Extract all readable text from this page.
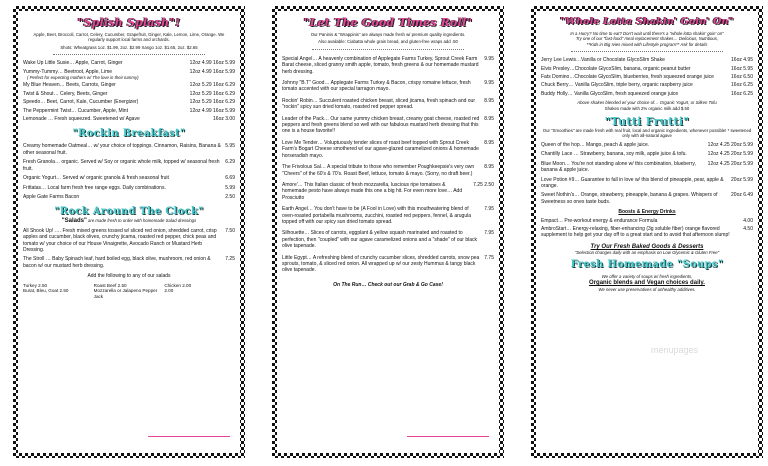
"Splish Splash"!
Apple, Beet, Broccoli, Carrot, Celery, Cucumber, Grapefruit, Ginger, Kale, Lemon, Lime, Orange. We regularly support local farms and orchards.
Shots: Wheatgrass 1oz. $1.99, 2oz. $2.99 Xango 1oz. $1.65, 2oz. $2.65
Wake Up Little Susie… Apple, Carrot, Ginger	12oz 4.99 16oz 5.99
Yummy-Tummy… Beetroot, Apple, Lime	12oz 4.99 16oz 5.99
( Perfect for expecting mothers w/ The love in their tummy)
My Blue Heaven… Beets, Carrots, Ginger	12oz 5.29 16oz 6.29
Twist & Shout… Celery, Beets, Ginger	12oz 5.29 16oz 6.29
Speedo… Beet, Carrot, Kale, Cucumber (Energizer)	12oz 5.29 16oz 6.29
The Peppermint Twist… Cucumber, Apple, Mint	12oz 4.99 16oz 5.99
Lemonade … Fresh squeezed. Sweetened w/ Agave	16oz 3.00
"Rockin Breakfast"
Creamy homemade Oatmeal… w/ your choice of toppings. Cinnamon, Raisins, Banana & other seasonal fruit.
5.95
Fresh Granola… organic. Served w/ Soy or organic whole milk, topped w/ seasonal fresh fruit.
6.29
Organic Yogurt… Served w/ organic granola & fresh seasonal fruit	6.69
Frittatas… Local farm fresh free range eggs. Daily combinations.	5.99
Apple Gate Farms Bacon	2.50
"Rock Around The Clock"
"Salads" are made fresh to order with homemade Salad dressings
All Shook Up! …. Fresh mixed greens tossed w/ sliced red onion, shredded carrot, crisp apples and cucumber, black olives, crunchy jicama, roasted red pepper, chick peas and tomato w/ your choice of our House Vinaigrette, Avocado Ranch or Mustard Herb Dressing.
7.50
The Stroll … Baby Spinach leaf, hard boiled egg, black olive, mushroom, red onion & bacon w/ our mustard herb dressing.
7.25
Add the following to any of our salads
Turkey 2.50	Roast Beef 2.50	Chicken 2.00
Burat, Bleu, Goat 2.50	Mozzarella or Jalapeno Pepper Jack
2.00
"Let The Good Times Roll"
Our Paninis & "Wrappinis" are always made fresh w/ premium quality ingredients.
Also available: Ciabatta whole grain bread, and gluten-free wraps add .50
Special Angel… A heavenly combination of Applegate Farms Turkey, Sprout Creek Farm Barat cheese, sliced granny smith apple, tomato, fresh greens & our homemade mustard herb dressing.
9.95
Johnny "B.T" Good… Applegate Farms Turkey & Bacon, crispy romaine lettuce, fresh tomato accented with our special tarragon mayo.
9.95
Rockin' Robin… Succulent roasted chicken breast, sliced jicama, fresh spinach and our "rockin" spicy sun dried tomato, roasted red pepper spread.
8.95
Leader of the Pack… Our same yummy chicken breast, creamy goat cheese, roasted red peppers and fresh greens blend so well with our fabulous mustard herb dressing that this one is a house favorite!!
8.95
Love Me Tender… Voluptuously tender slices of roast beef topped with Sprout Creek Farm's Bogart Cheese smothered w/ our agave-glazed caramelized onions & homemade horseradish mayo.
8.95
The Frivolous Sal… A special tribute to those who remember Poughkeepsie's very own "Cheers" of the 60's & 70's. Roast Beef, lettuce, tomato & mayo. (Sorry, no draft beer.)
8.95
Amore'… This Italian classic of fresh mozzarella, luscious ripe tomatoes & homemade pesto have always made this one a big hit. For even more love… Add Prosciutto
7.25 2.50
Earth Angel… You don't have to be (A Fool in Love) with this mouthwatering blend of oven-roasted portabella mushrooms, zucchini, roasted red peppers, fennel, & arugula topped off with our spicy sun dried tomato spread.
7.95
Silhouette… Slices of carrots, eggplant & yellow squash marinated and roasted to perfection, then "coupled" with our agave caramelized onions and a "shade" of our black olive tapenade.
7.95
Little Egypt… A refreshing blend of crunchy cucumber slices, shredded carrots, snow pea sprouts, tomato, & sliced red onion. All wrapped up w/ our zesty Hummus & tangy black olive tapenade.
7.75
On The Run… Check out our Grab & Go Case!
"Whole Lotta Shakin' Goin' On"
In a Hurry? No time to eat? Don't wait until there's a "whole lotta shakin' goin' on"
Try one of our "fast-food" meal replacement shakes… Delicious, Nutritious,
**Kids in Big Ivies mixed with Lifestyle program** Ask for details
Jerry Lee Lewis…Vanilla or Chocolate GlycoSlim Shake	16oz 4.95
Elvis Presley…Chocolate GlycoSlim, banana, organic peanut butter	16oz 5.95
Fats Domino…Chocolate GlycoSlim, blueberries, fresh squeezed orange juice	16oz 6.50
Chuck Berry… Vanilla GlycoSlim, triple berry, organic raspberry juice	16oz 6.25
Buddy Holly… Vanilla GlycoSlim, fresh squeezed orange juice	16oz 6.25
Above shakes blended w/ your choice of… Organic Yogurt, or Silken Tofu
Shakes made with 2% organic milk add $.50
"Tutti Frutti"
Our "Smoothies" are made fresh with real fruit, local and organic ingredients, whenever possible! * sweetened only with all-natural agave
Queen of the hop… Mango, peach & apple juice.	12oz 4.25 20oz 5.99
Chantilly Lace … Strawberry, banana, soy milk, apple juice & tofu.	12oz 4.25 20oz 5.99
Blue Moon… You're not standing alone w/ this combination, blueberry, banana & apple juice.
12oz 4.25 20oz 5.99
Love Potion #9… Guarantee to fall in love w/ this blend of pineapple, pear, apple & orange.
20oz 5.99
Sweet Nothin's… Orange, strawberry, pineapple, banana & grapes. Whispers of Sweetness so ones taste buds.
20oz 6.49
Boosts & Energy Drinks
Empact… Pre-workout energy & endurance Formula	4.00
AmbroStart… Energy-relaxing, fiber-enhancing (3g soluble fiber) orange flavored supplement to help get your day off to a great start and to avoid that afternoon slump!
4.50
Try Our Fresh Baked Goods & Desserts
"Selection changes daily with an emphasis on Low Glycemic & Gluten Free"
Fresh Homemade "Soups"
We offer a variety of soups w/ fresh ingredients,
Organic blends and Vegan choices daily.
We never use preservatives of unhealthy additives.
menupages
